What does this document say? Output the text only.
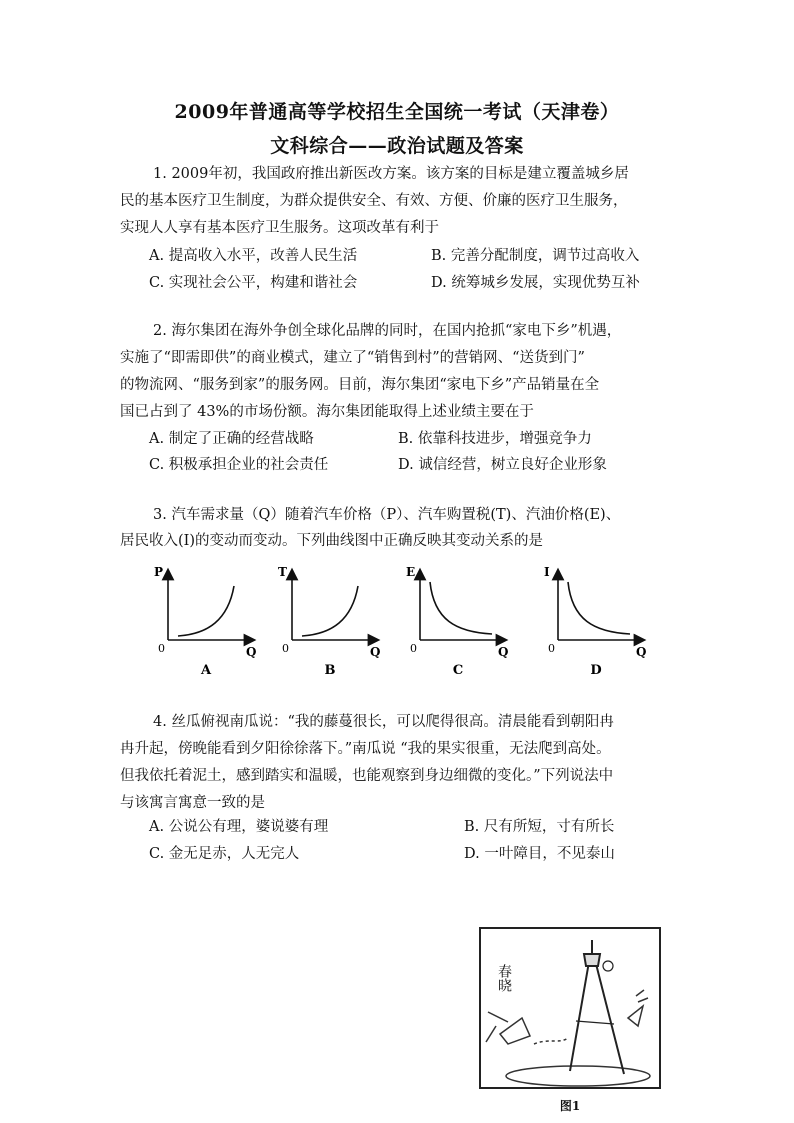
2009年普通高等学校招生全国统一考试（天津卷）
文科综合——政治试题及答案
1. 2009年初，我国政府推出新医改方案。该方案的目标是建立覆盖城乡居
民的基本医疗卫生制度，为群众提供安全、有效、方便、价廉的医疗卫生服务，
实现人人享有基本医疗卫生服务。这项改革有利于
A. 提高收入水平，改善人民生活	B. 完善分配制度，调节过高收入
C. 实现社会公平，构建和谐社会	D. 统筹城乡发展，实现优势互补
2. 海尔集团在海外争创全球化品牌的同时，在国内抢抓“家电下乡”机遇，
实施了“即需即供”的商业模式，建立了“销售到村”的营销网、“送货到门”
的物流网、“服务到家”的服务网。目前，海尔集团“家电下乡”产品销量在全
国已占到了 43%的市场份额。海尔集团能取得上述业绩主要在于
A. 制定了正确的经营战略	B. 依靠科技进步，增强竞争力
C. 积极承担企业的社会责任	D. 诚信经营，树立良好企业形象
3. 汽车需求量（Q）随着汽车价格（P）、汽车购置税(T)、汽油价格(E)、
居民收入(I)的变动而变动。下列曲线图中正确反映其变动关系的是
P
Q
0
A
T
Q
0
B
E
Q
0
C
I
Q
0
D
4. 丝瓜俯视南瓜说：“我的藤蔓很长，可以爬得很高。清晨能看到朝阳冉
冉升起，傍晚能看到夕阳徐徐落下。”南瓜说 “我的果实很重，无法爬到高处。
但我依托着泥土，感到踏实和温暖，也能观察到身边细微的变化。”下列说法中
与该寓言寓意一致的是
A. 公说公有理，婆说婆有理	B. 尺有所短，寸有所长
C. 金无足赤，人无完人	D. 一叶障目，不见泰山
春晓
图1
